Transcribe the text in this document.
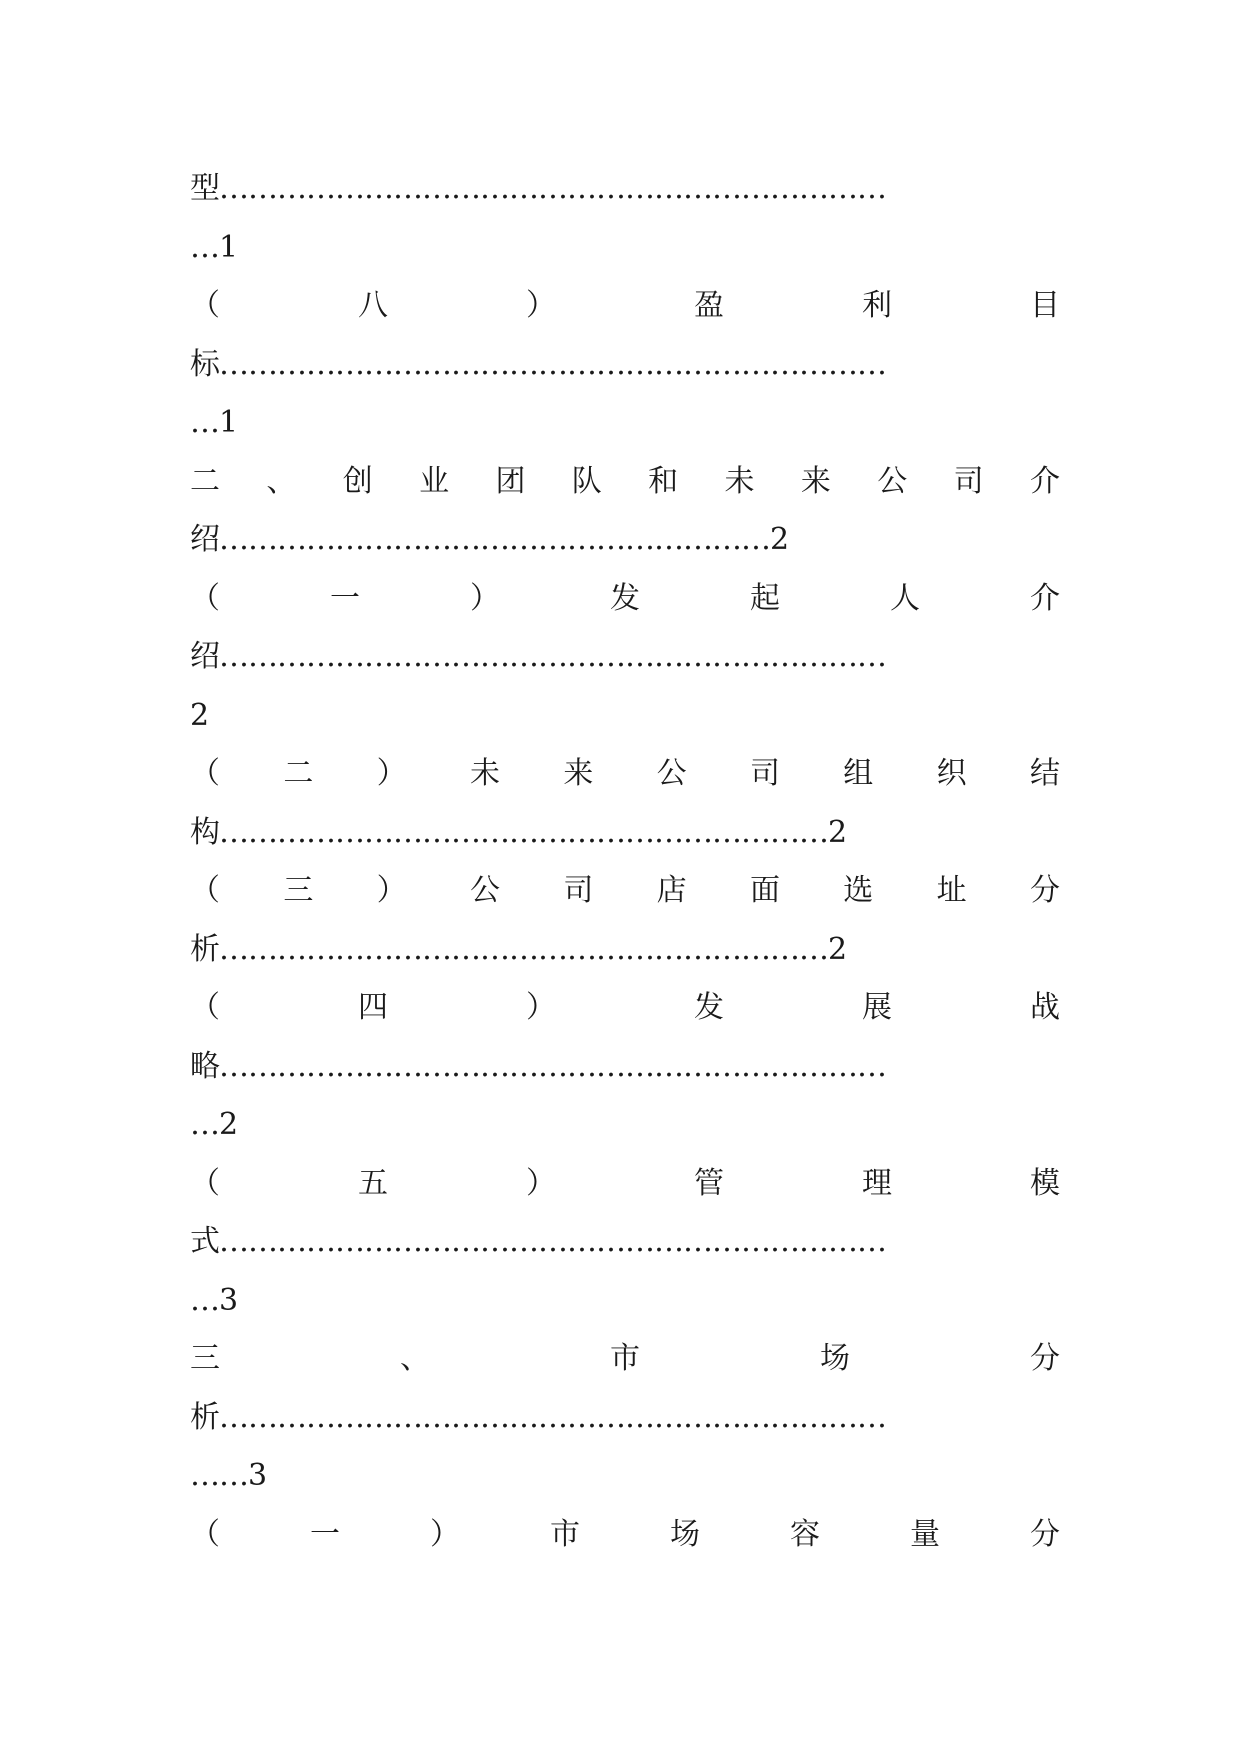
型……………………………………………………………
…1
（	八	）	盈	利	目
标……………………………………………………………
…1
二 、 创 业 团 队 和 未 来 公 司 介
绍…………………………………………………2
（	一	）	发	起	人	介
绍……………………………………………………………
2
（ 二 ） 未 来 公 司 组 织 结
构………………………………………………………2
（ 三 ） 公 司 店 面 选 址 分
析………………………………………………………2
（	四	）	发	展	战
略……………………………………………………………
…2
（	五	）	管	理	模
式……………………………………………………………
…3
三	、	市	场	分
析……………………………………………………………
……3
（	一	）	市	场	容	量	分
